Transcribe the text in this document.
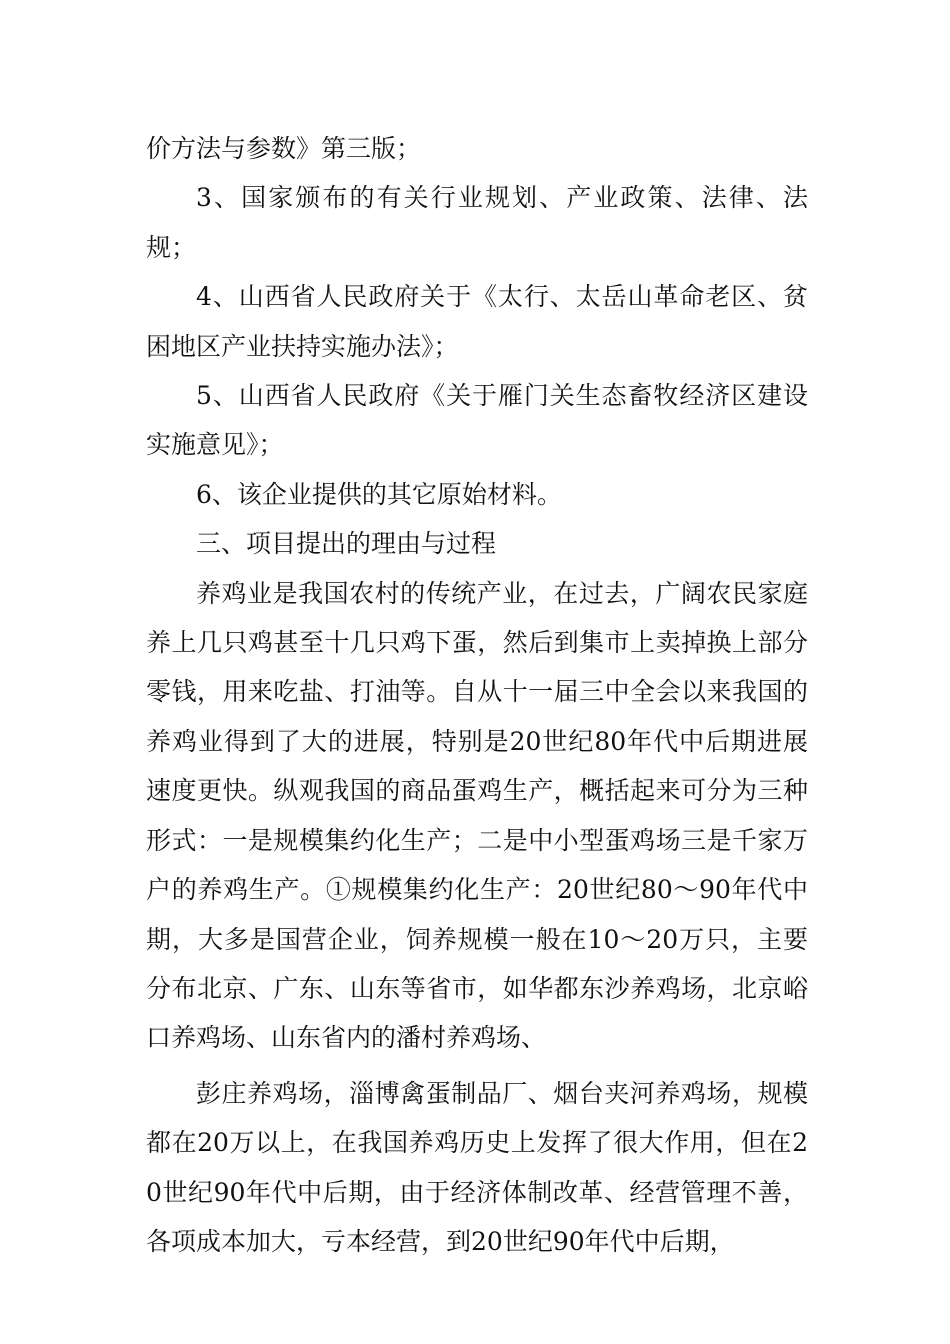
价方法与参数》第三版；

3、国家颁布的有关行业规划、产业政策、法律、法规；

4、山西省人民政府关于《太行、太岳山革命老区、贫困地区产业扶持实施办法》；

5、山西省人民政府《关于雁门关生态畜牧经济区建设实施意见》；

6、该企业提供的其它原始材料。

三、项目提出的理由与过程

养鸡业是我国农村的传统产业，在过去，广阔农民家庭养上几只鸡甚至十几只鸡下蛋，然后到集市上卖掉换上部分零钱，用来吃盐、打油等。自从十一届三中全会以来我国的养鸡业得到了大的进展，特别是20世纪80年代中后期进展速度更快。纵观我国的商品蛋鸡生产，概括起来可分为三种形式：一是规模集约化生产；二是中小型蛋鸡场三是千家万户的养鸡生产。①规模集约化生产：20世纪80～90年代中期，大多是国营企业，饲养规模一般在10～20万只，主要分布北京、广东、山东等省市，如华都东沙养鸡场，北京峪口养鸡场、山东省内的潘村养鸡场、

彭庄养鸡场，淄博禽蛋制品厂、烟台夹河养鸡场，规模都在20万以上，在我国养鸡历史上发挥了很大作用，但在20世纪90年代中后期，由于经济体制改革、经营管理不善，各项成本加大，亏本经营，到20世纪90年代中后期，
